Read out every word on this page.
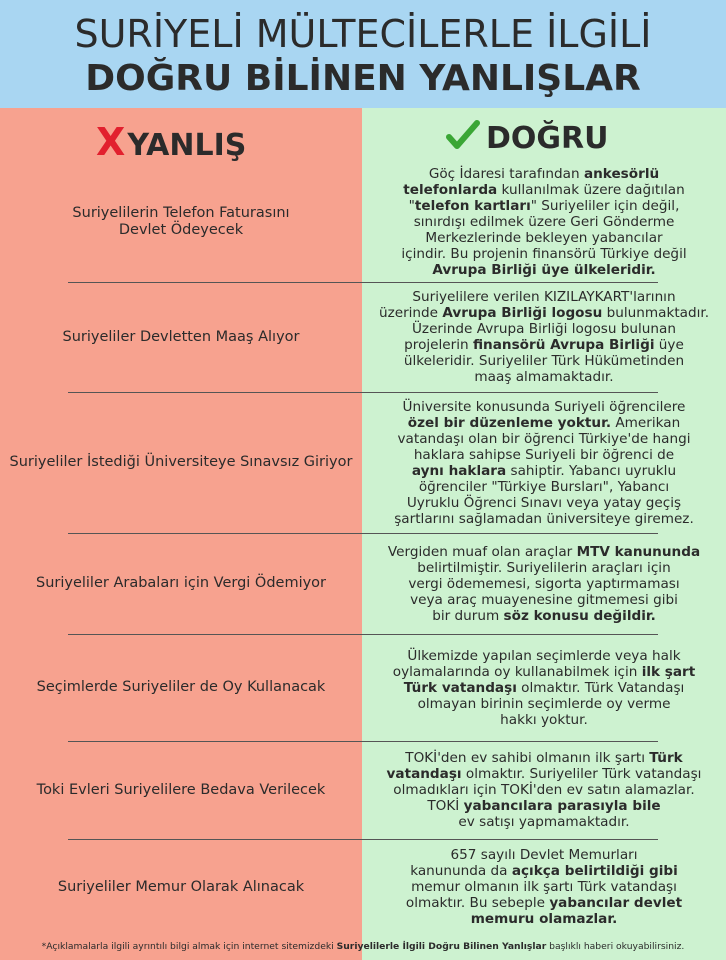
SURİYELİ MÜLTECİLERLE İLGİLİ
DOĞRU BİLİNEN YANLIŞLAR
XYANLIŞ	DOĞRU
Suriyelilerin Telefon Faturasını
Devlet Ödeyecek
Göç İdaresi tarafından ankesörlü
telefonlarda kullanılmak üzere dağıtılan
"telefon kartları" Suriyeliler için değil,
sınırdışı edilmek üzere Geri Gönderme
Merkezlerinde bekleyen yabancılar
içindir. Bu projenin finansörü Türkiye değil
Avrupa Birliği üye ülkeleridir.
Suriyeliler Devletten Maaş Alıyor
Suriyelilere verilen KIZILAYKART'larının
üzerinde Avrupa Birliği logosu bulunmaktadır.
Üzerinde Avrupa Birliği logosu bulunan
projelerin finansörü Avrupa Birliği üye
ülkeleridir. Suriyeliler Türk Hükümetinden
maaş almamaktadır.
Suriyeliler İstediği Üniversiteye Sınavsız Giriyor
Üniversite konusunda Suriyeli öğrencilere
özel bir düzenleme yoktur. Amerikan
vatandaşı olan bir öğrenci Türkiye'de hangi
haklara sahipse Suriyeli bir öğrenci de
aynı haklara sahiptir. Yabancı uyruklu
öğrenciler "Türkiye Bursları", Yabancı
Uyruklu Öğrenci Sınavı veya yatay geçiş
şartlarını sağlamadan üniversiteye giremez.
Suriyeliler Arabaları için Vergi Ödemiyor
Vergiden muaf olan araçlar MTV kanununda
belirtilmiştir. Suriyelilerin araçları için
vergi ödememesi, sigorta yaptırmaması
veya araç muayenesine gitmemesi gibi
bir durum söz konusu değildir.
Seçimlerde Suriyeliler de Oy Kullanacak
Ülkemizde yapılan seçimlerde veya halk
oylamalarında oy kullanabilmek için ilk şart
Türk vatandaşı olmaktır. Türk Vatandaşı
olmayan birinin seçimlerde oy verme
hakkı yoktur.
Toki Evleri Suriyelilere Bedava Verilecek
TOKİ'den ev sahibi olmanın ilk şartı Türk
vatandaşı olmaktır. Suriyeliler Türk vatandaşı
olmadıkları için TOKİ'den ev satın alamazlar.
TOKİ yabancılara parasıyla bile
ev satışı yapmamaktadır.
Suriyeliler Memur Olarak Alınacak
657 sayılı Devlet Memurları
kanununda da açıkça belirtildiği gibi
memur olmanın ilk şartı Türk vatandaşı
olmaktır. Bu sebeple yabancılar devlet
memuru olamazlar.
*Açıklamalarla ilgili ayrıntılı bilgi almak için internet sitemizdeki Suriyelilerle İlgili Doğru Bilinen Yanlışlar başlıklı haberi okuyabilirsiniz.
